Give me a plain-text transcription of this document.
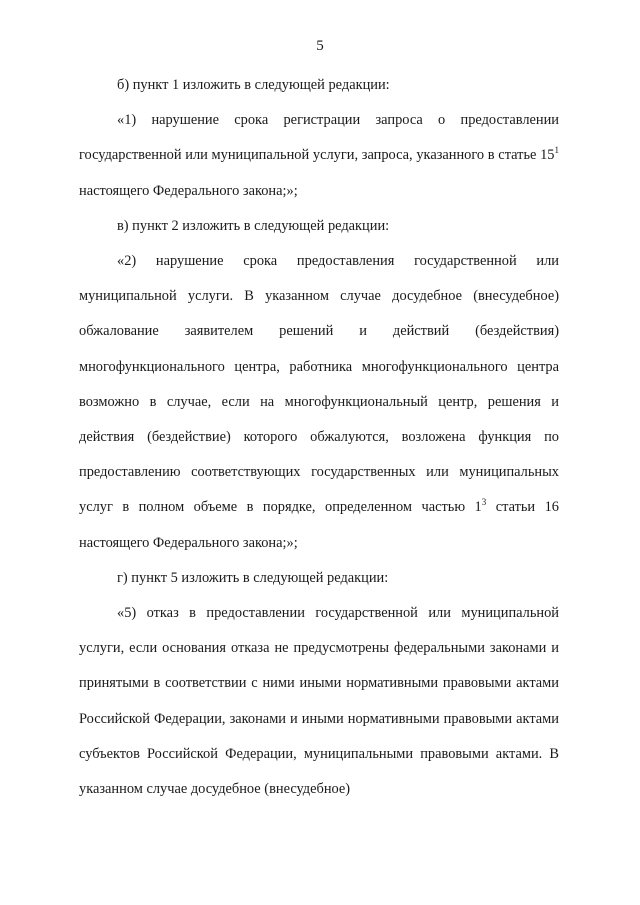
5

б) пункт 1 изложить в следующей редакции:

«1) нарушение срока регистрации запроса о предоставлении государственной или муниципальной услуги, запроса, указанного в статье $15^1$ настоящего Федерального закона;»;

в) пункт 2 изложить в следующей редакции:

«2) нарушение срока предоставления государственной или муниципальной услуги. В указанном случае досудебное (внесудебное) обжалование заявителем решений и действий (бездействия) многофункционального центра, работника многофункционального центра возможно в случае, если на многофункциональный центр, решения и действия (бездействие) которого обжалуются, возложена функция по предоставлению соответствующих государственных или муниципальных услуг в полном объеме в порядке, определенном частью $1^3$ статьи 16 настоящего Федерального закона;»;

г) пункт 5 изложить в следующей редакции:

«5) отказ в предоставлении государственной или муниципальной услуги, если основания отказа не предусмотрены федеральными законами и принятыми в соответствии с ними иными нормативными правовыми актами Российской Федерации, законами и иными нормативными правовыми актами субъектов Российской Федерации, муниципальными правовыми актами. В указанном случае досудебное (внесудебное)
